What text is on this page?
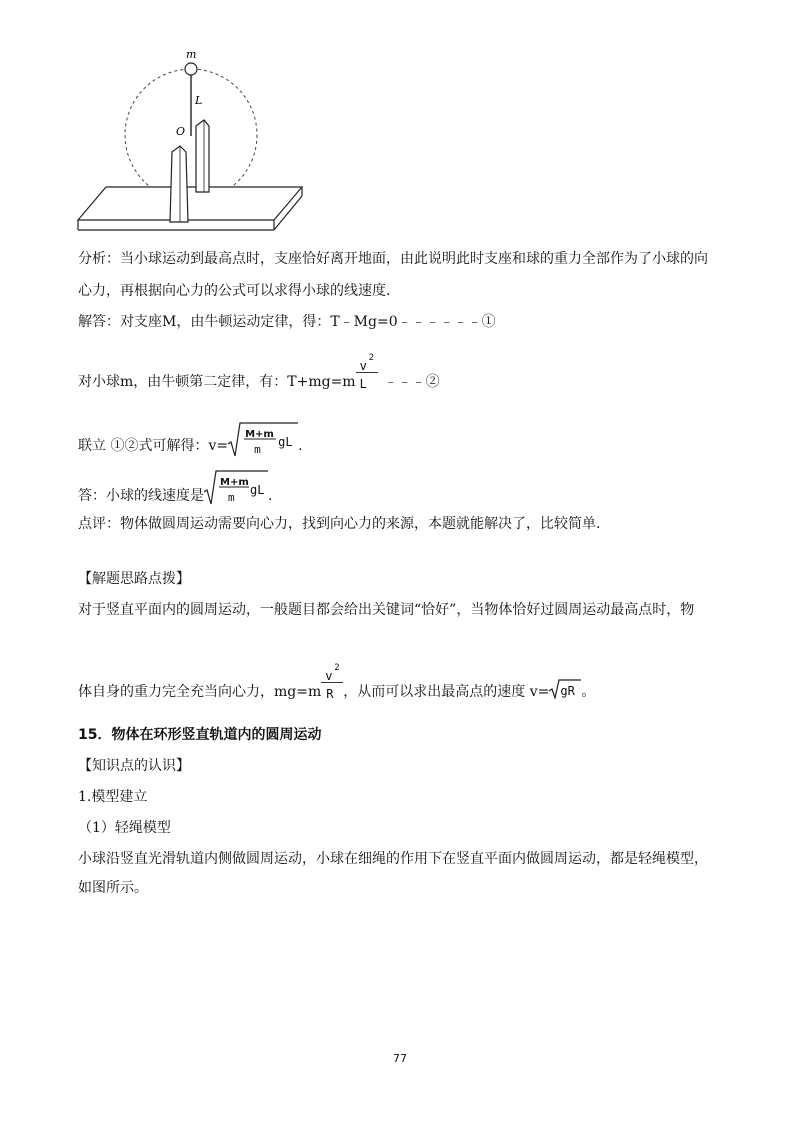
m
L
O
分析：当小球运动到最高点时，支座恰好离开地面，由此说明此时支座和球的重力全部作为了小球的向
心力，再根据向心力的公式可以求得小球的线速度.
解答：对支座M，由牛顿运动定律，得：T﹣Mg=0﹣﹣﹣﹣﹣﹣①
对小球m，由牛顿第二定律，有：T+mg=m
v
2
L ﹣﹣﹣②
联立 ①②式可解得：v=
M+m
m
gL .
答：小球的线速度是
M+m
m
gL .
点评：物体做圆周运动需要向心力，找到向心力的来源，本题就能解决了，比较简单.
【解题思路点拨】
对于竖直平面内的圆周运动，一般题目都会给出关键词“恰好”，当物体恰好过圆周运动最高点时，物
体自身的重力完全充当向心力，mg=m
v
2
R ，从而可以求出最高点的速度 v= gR 。
15．物体在环形竖直轨道内的圆周运动
【知识点的认识】
1.模型建立
（1）轻绳模型
小球沿竖直光滑轨道内侧做圆周运动，小球在细绳的作用下在竖直平面内做圆周运动，都是轻绳模型，
如图所示。
77
